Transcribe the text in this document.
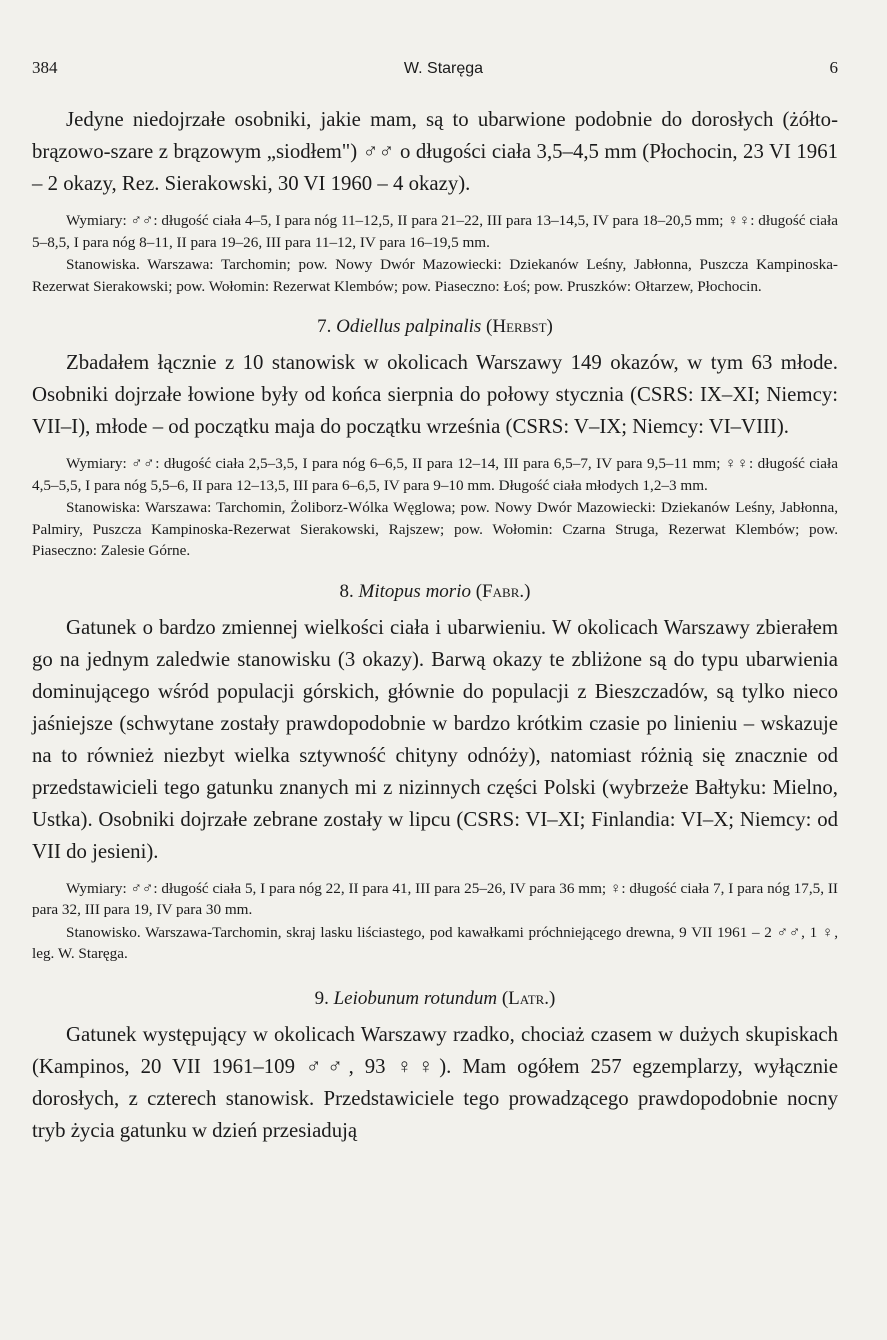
384	W. Staręga	6

Jedyne niedojrzałe osobniki, jakie mam, są to ubarwione podobnie do dorosłych (żółto-brązowo-szare z brązowym „siodłem") ♂♂ o długości ciała 3,5–4,5 mm (Płochocin, 23 VI 1961 – 2 okazy, Rez. Sierakowski, 30 VI 1960 – 4 okazy).

Wymiary: ♂♂: długość ciała 4–5, I para nóg 11–12,5, II para 21–22, III para 13–14,5, IV para 18–20,5 mm; ♀♀: długość ciała 5–8,5, I para nóg 8–11, II para 19–26, III para 11–12, IV para 16–19,5 mm.

Stanowiska. Warszawa: Tarchomin; pow. Nowy Dwór Mazowiecki: Dziekanów Leśny, Jabłonna, Puszcza Kampinoska-Rezerwat Sierakowski; pow. Wołomin: Rezerwat Klembów; pow. Piaseczno: Łoś; pow. Pruszków: Ołtarzew, Płochocin.

7. Odiellus palpinalis (Herbst)

Zbadałem łącznie z 10 stanowisk w okolicach Warszawy 149 okazów, w tym 63 młode. Osobniki dojrzałe łowione były od końca sierpnia do połowy stycznia (CSRS: IX–XI; Niemcy: VII–I), młode – od początku maja do początku września (CSRS: V–IX; Niemcy: VI–VIII).

Wymiary: ♂♂: długość ciała 2,5–3,5, I para nóg 6–6,5, II para 12–14, III para 6,5–7, IV para 9,5–11 mm; ♀♀: długość ciała 4,5–5,5, I para nóg 5,5–6, II para 12–13,5, III para 6–6,5, IV para 9–10 mm. Długość ciała młodych 1,2–3 mm.

Stanowiska: Warszawa: Tarchomin, Żoliborz-Wólka Węglowa; pow. Nowy Dwór Mazowiecki: Dziekanów Leśny, Jabłonna, Palmiry, Puszcza Kampinoska-Rezerwat Sierakowski, Rajszew; pow. Wołomin: Czarna Struga, Rezerwat Klembów; pow. Piaseczno: Zalesie Górne.

8. Mitopus morio (Fabr.)

Gatunek o bardzo zmiennej wielkości ciała i ubarwieniu. W okolicach Warszawy zbierałem go na jednym zaledwie stanowisku (3 okazy). Barwą okazy te zbliżone są do typu ubarwienia dominującego wśród populacji górskich, głównie do populacji z Bieszczadów, są tylko nieco jaśniejsze (schwytane zostały prawdopodobnie w bardzo krótkim czasie po linieniu – wskazuje na to również niezbyt wielka sztywność chityny odnóży), natomiast różnią się znacznie od przedstawicieli tego gatunku znanych mi z nizinnych części Polski (wybrzeże Bałtyku: Mielno, Ustka). Osobniki dojrzałe zebrane zostały w lipcu (CSRS: VI–XI; Finlandia: VI–X; Niemcy: od VII do jesieni).

Wymiary: ♂♂: długość ciała 5, I para nóg 22, II para 41, III para 25–26, IV para 36 mm; ♀: długość ciała 7, I para nóg 17,5, II para 32, III para 19, IV para 30 mm.

Stanowisko. Warszawa-Tarchomin, skraj lasku liściastego, pod kawałkami próchniejącego drewna, 9 VII 1961 – 2 ♂♂, 1 ♀, leg. W. Staręga.

9. Leiobunum rotundum (Latr.)

Gatunek występujący w okolicach Warszawy rzadko, chociaż czasem w dużych skupiskach (Kampinos, 20 VII 1961–109 ♂♂, 93 ♀♀). Mam ogółem 257 egzemplarzy, wyłącznie dorosłych, z czterech stanowisk. Przedstawiciele tego prowadzącego prawdopodobnie nocny tryb życia gatunku w dzień przesiadują
